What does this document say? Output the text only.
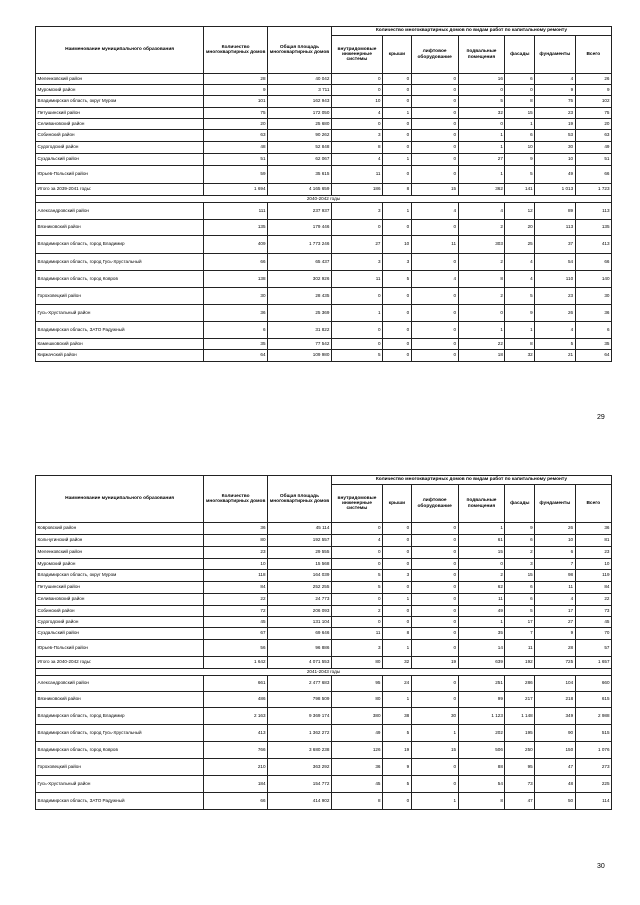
Наименование муниципального образования	Количество многоквартирных домов	Общая площадь многоквартирных домов	Количество многоквартирных домов по видам работ по капитальному ремонту						
			внутридомовые инженерные системы	крыши	лифтовое оборудование	подвальные помещения	фасады	фундаменты	Всего
Меленковский район	28	40 042	0	0	0	16	6	4	26
Муромский район	9	3 711	0	0	0	0	0	9	9
Владимирская область, округ Муром	101	162 943	10	0	0	5	8	75	102
Петушинский район	75	172 050	4	1	0	32	15	23	75
Селивановский район	20	25 680	0	0	0	0	1	19	20
Собинский район	63	90 262	3	0	0	1	6	53	63
Судогодский район	48	52 848	8	0	0	1	10	30	49
Суздальский район	51	62 067	4	1	0	27	9	10	51
Юрьев-Польский район	59	35 615	11	0	0	1	5	49	66
Итого за 2039-2041 годы:	1 694	4 165 659	186	8	15	362	141	1 013	1 723
2040-2042 годы									
Александровский район	111	237 937	3	1	4	4	12	89	113
Вязниковский район	135	179 446	0	0	0	2	20	113	135
Владимирская область, город Владимир	409	1 773 246	27	10	11	303	25	37	413
Владимирская область, город Гусь-Хрустальный	66	65 437	3	3	0	2	4	54	66
Владимирская область, город Ковров	138	302 926	11	5	4	8	4	110	140
Гороховецкий район	30	28 435	0	0	0	2	5	23	30
Гусь-Хрустальный район	36	25 369	1	0	0	0	9	26	36
Владимирская область, ЗАТО Радужный	6	31 822	0	0	0	1	1	4	6
Камешковский район	35	77 542	0	0	0	22	8	5	35
Киржачский район	64	109 980	5	0	0	18	32	21	64
29
Наименование муниципального образования	Количество многоквартирных домов	Общая площадь многоквартирных домов	Количество многоквартирных домов по видам работ по капитальному ремонту						
			внутридомовые инженерные системы	крыши	лифтовое оборудование	подвальные помещения	фасады	фундаменты	Всего
Ковровский район	36	45 114	0	0	0	1	9	26	36
Кольчугинский район	80	192 557	4	0	0	61	6	10	81
Меленковский район	23	29 555	0	0	0	15	2	6	23
Муромский район	10	15 568	0	0	0	0	3	7	10
Владимирская область, округ Муром	118	164 039	5	3	0	2	15	98	119
Петушинский район	84	252 255	5	0	0	62	6	11	84
Селивановский район	22	24 773	0	1	0	11	6	4	22
Собинский район	72	206 093	2	0	0	49	5	17	73
Судогодский район	45	131 104	0	0	0	1	17	27	45
Суздальский район	67	69 646	11	8	0	35	7	9	70
Юрьев-Польский район	56	96 886	3	1	0	14	11	28	57
Итого за 2040-2042 годы:	1 642	4 071 553	80	32	19	639	192	725	1 657
2041-2043 годы									
Александровский район	661	2 477 683	95	24	0	251	286	104	660
Вязниковский район	486	798 509	80	1	0	99	217	218	615
Владимирская область, город Владимир	2 163	9 369 174	380	38	30	1 123	1 148	349	2 988
Владимирская область, город Гусь-Хрустальный	413	1 362 272	49	5	1	202	195	90	515
Владимирская область, город Ковров	766	3 680 238	126	19	15	506	250	150	1 076
Гороховецкий район	210	363 292	36	9	0	88	95	47	273
Гусь-Хрустальный район	184	154 772	45	5	0	54	73	48	225
Владимирская область, ЗАТО Радужный	66	414 902	8	0	1	8	47	50	114
30
